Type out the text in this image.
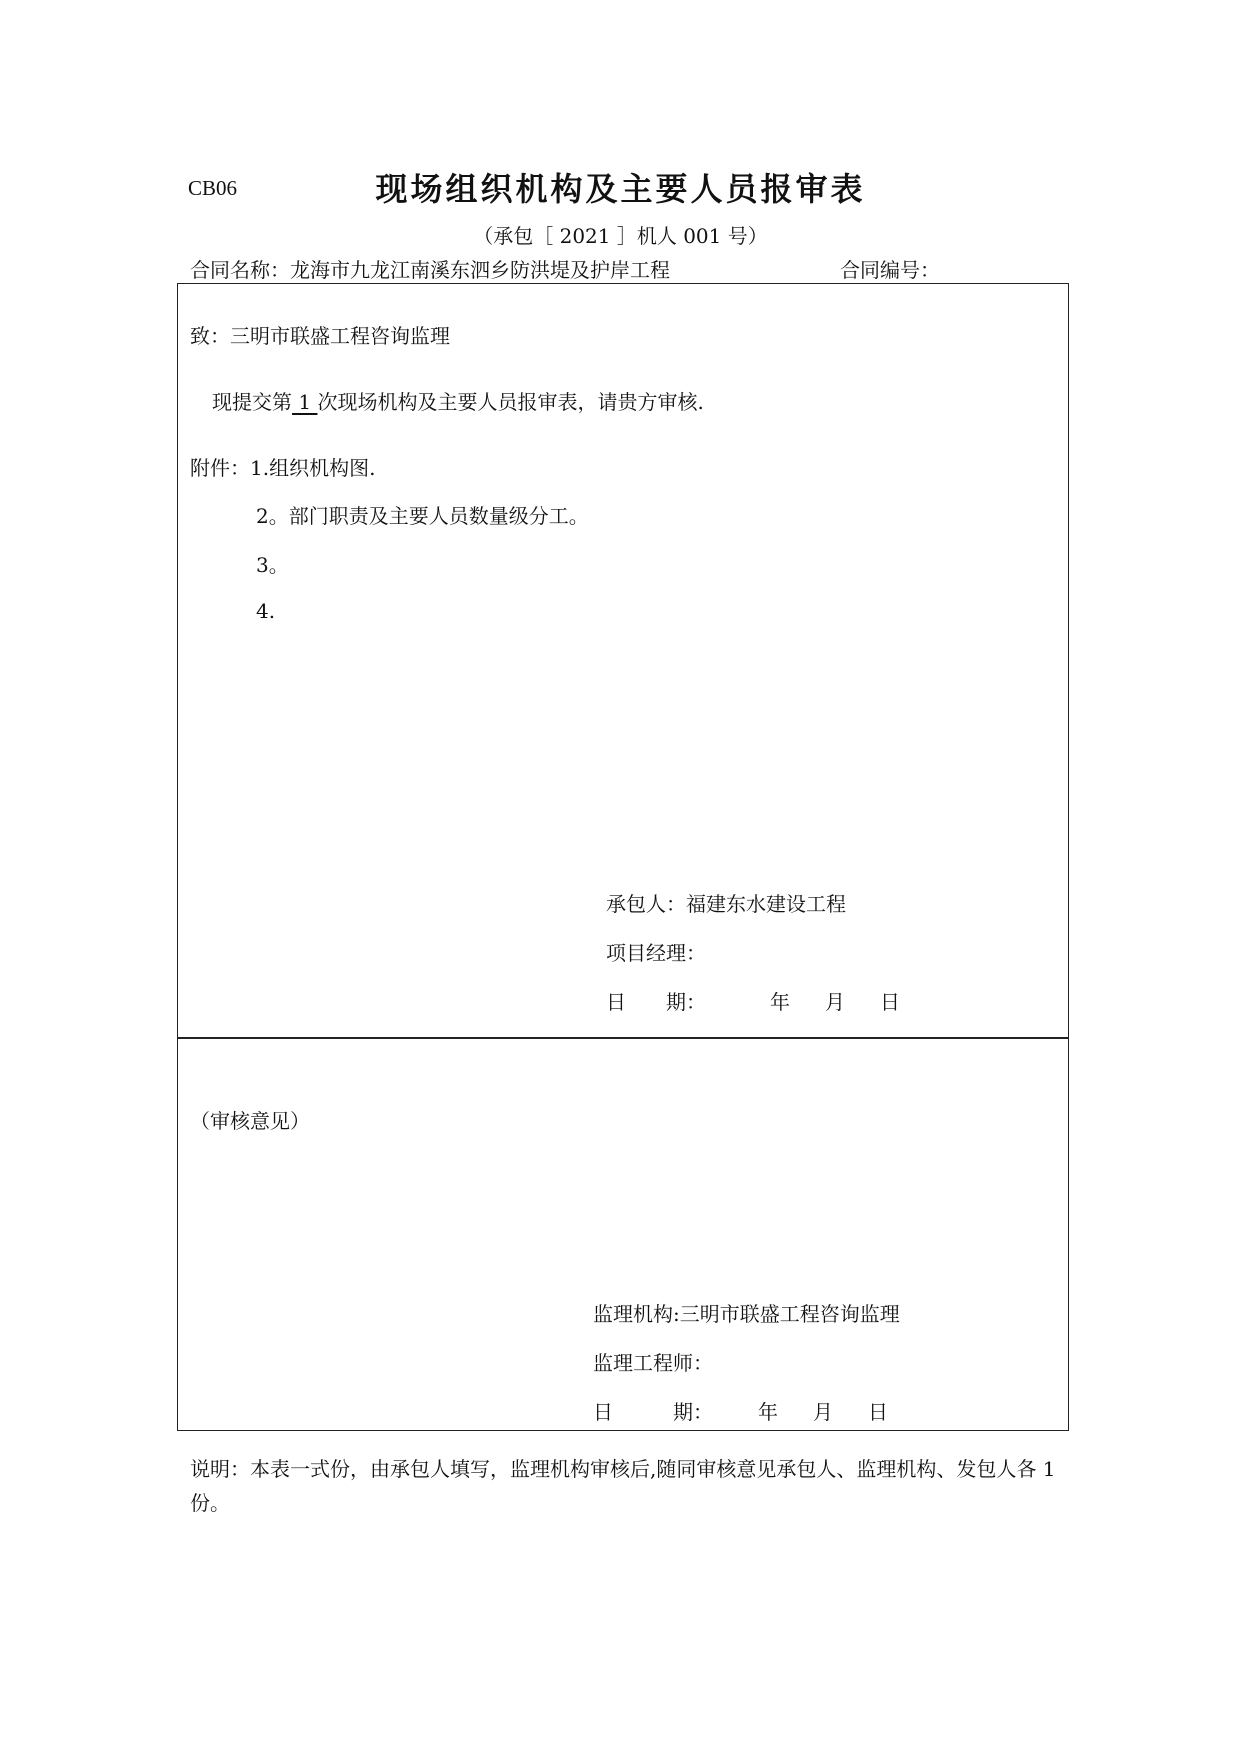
CB06	现场组织机构及主要人员报审表
（承包［ 2021 ］机人 001 号）
合同名称：龙海市九龙江南溪东泗乡防洪堤及护岸工程	合同编号：
致：三明市联盛工程咨询监理
现提交第 1 次现场机构及主要人员报审表，请贵方审核.
附件：1.组织机构图.
2。部门职责及主要人员数量级分工。
3。
4.
承包人：福建东水建设工程
项目经理：
日　　期：	年 月 日
（审核意见）
监理机构:三明市联盛工程咨询监理
监理工程师：
日　　　期： 年 月 日
说明：本表一式份，由承包人填写，监理机构审核后,随同审核意见承包人、监理机构、发包人各 1 份。
